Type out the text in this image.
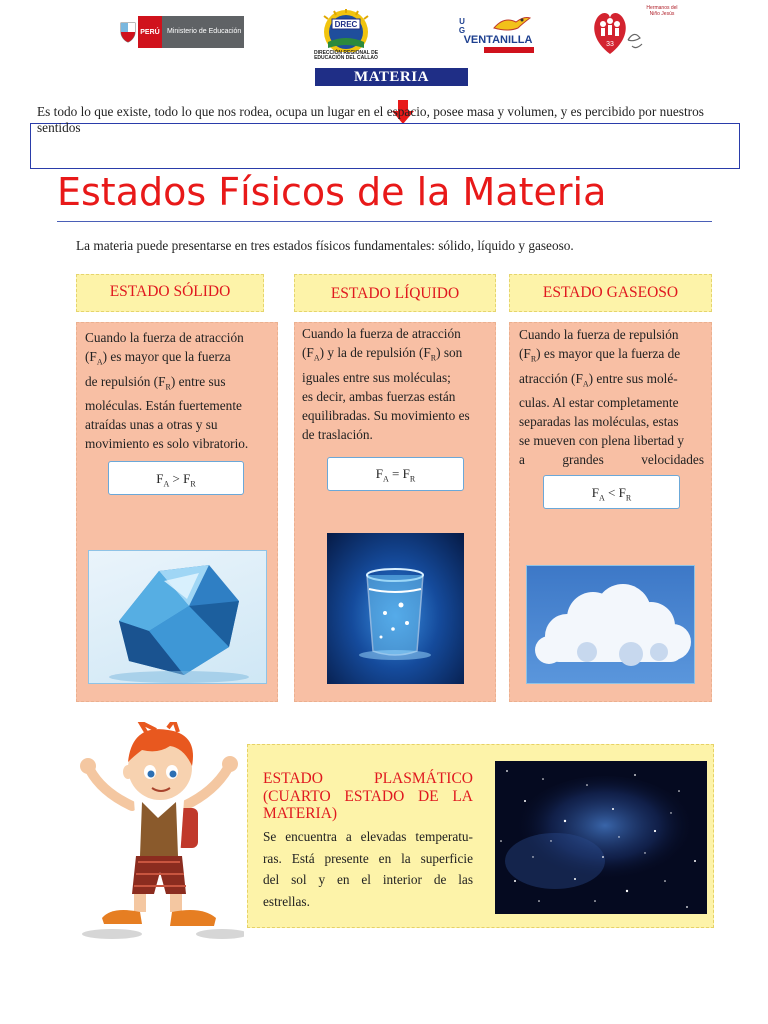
PERÚ	Ministerio de Educación
DREC
DIRECCIÓN REGIONAL DE EDUCACIÓN DEL CALLAO
U
G
VENTANILLA	33
Hermanos del Niño Jesús
MATERIA
Es todo lo que existe, todo lo que nos rodea, ocupa un lugar en el espacio, posee masa y volumen, y es percibido por nuestros sentidos
Estados Físicos de la Materia
La materia puede presentarse en tres estados físicos fundamentales: sólido, líquido y gaseoso.
ESTADO SÓLIDO	ESTADO LÍQUIDO	ESTADO GASEOSO
Cuando la fuerza de atracción
$(F_A)$ es mayor que la fuerza
de repulsión $(F_R)$ entre sus
moléculas. Están fuertemente
atraídas unas a otras y su
movimiento es solo vibratorio.
$F_A > F_R$
Cuando la fuerza de atracción
$(F_A)$ y la de repulsión $(F_R)$ son
iguales entre sus moléculas;
es decir, ambas fuerzas están
equilibradas. Su movimiento es
de traslación.
$F_A = F_R$
Cuando la fuerza de repulsión
$(F_R)$ es mayor que la fuerza de
atracción $(F_A)$ entre sus molé-
culas. Al estar completamente
separadas las moléculas, estas
se mueven con plena libertad y
a grandes velocidades
$F_A < F_R$
ESTADO PLASMÁTICO (CUARTO ESTADO DE LA MATERIA)
Se encuentra a elevadas temperatu-
ras. Está presente en la superficie
del sol y en el interior de las
estrellas.
